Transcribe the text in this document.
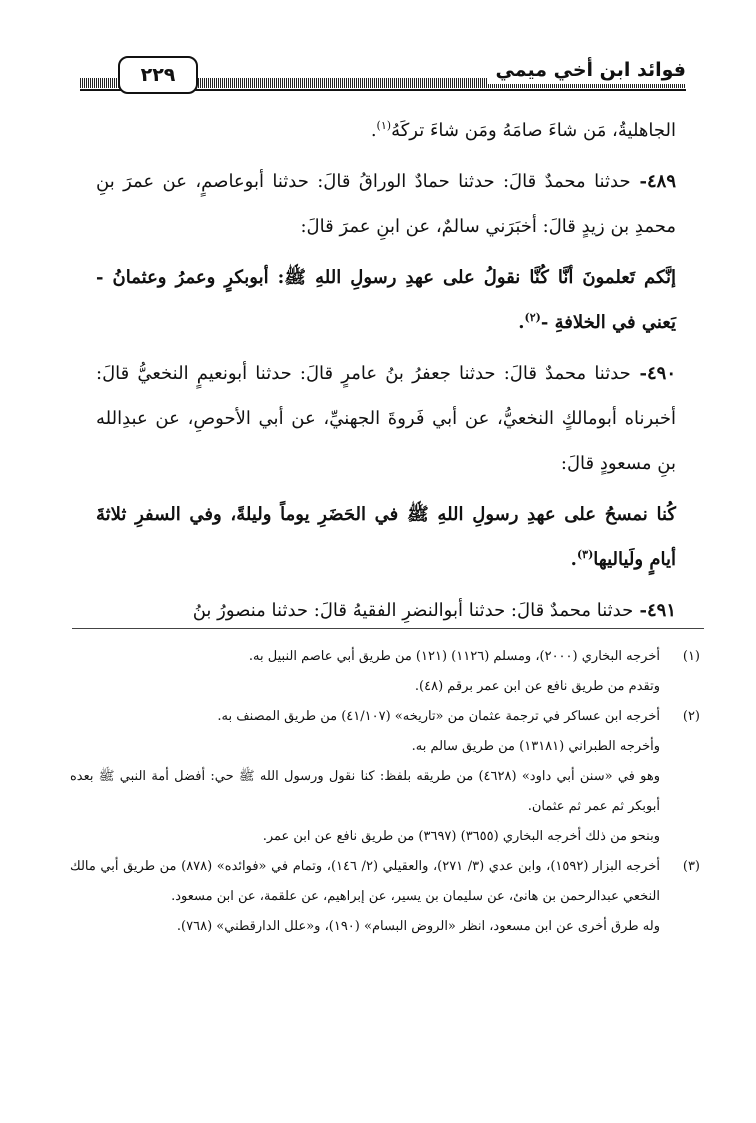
فوائد ابن أخي ميمي
٢٢٩

الجاهليةُ، مَن شاءَ صامَهُ ومَن شاءَ تركَهُ$^{(١)}$.

٤٨٩- حدثنا محمدٌ قالَ: حدثنا حمادٌ الوراقُ قالَ: حدثنا أبوعاصمٍ، عن عمرَ بنِ محمدِ بن زيدٍ قالَ: أخبَرَني سالمٌ، عن ابنِ عمرَ قالَ:

إنَّكم تَعلمونَ أنَّا كُنَّا نقولُ على عهدِ رسولِ اللهِ ﷺ: أبوبكرٍ وعمرُ وعثمانُ - يَعني في الخلافةِ -$^{(٢)}$.

٤٩٠- حدثنا محمدٌ قالَ: حدثنا جعفرُ بنُ عامرٍ قالَ: حدثنا أبونعيمٍ النخعيُّ قالَ: أخبرناه أبومالكٍ النخعيُّ، عن أبي فَروةَ الجهنيِّ، عن أبي الأحوصِ، عن عبدِالله بنِ مسعودٍ قالَ:

كُنا نمسحُ على عهدِ رسولِ اللهِ ﷺ في الحَضَرِ يوماً وليلةً، وفي السفرِ ثلاثةَ أيامٍ ولَياليها$^{(٣)}$.

٤٩١- حدثنا محمدٌ قالَ: حدثنا أبوالنضرِ الفقيهُ قالَ: حدثنا منصورُ بنُ

(١)
أخرجه البخاري (٢٠٠٠)، ومسلم (١١٢٦) (١٢١) من طريق أبي عاصم النبيل به.
وتقدم من طريق نافع عن ابن عمر برقم (٤٨).
(٢)
أخرجه ابن عساكر في ترجمة عثمان من «تاريخه» (٤١/١٠٧) من طريق المصنف به.
وأخرجه الطبراني (١٣١٨١) من طريق سالم به.
وهو في «سنن أبي داود» (٤٦٢٨) من طريقه بلفظ: كنا نقول ورسول الله ﷺ حي: أفضل أمة النبي ﷺ بعده أبوبكر ثم عمر ثم عثمان.
وبنحو من ذلك أخرجه البخاري (٣٦٥٥) (٣٦٩٧) من طريق نافع عن ابن عمر.
(٣)
أخرجه البزار (١٥٩٢)، وابن عدي (٣/ ٢٧١)، والعقيلي (٢/ ١٤٦)، وتمام في «فوائده» (٨٧٨) من طريق أبي مالك النخعي عبدالرحمن بن هانئ، عن سليمان بن يسير، عن إبراهيم، عن علقمة، عن ابن مسعود.
وله طرق أخرى عن ابن مسعود، انظر «الروض البسام» (١٩٠)، و«علل الدارقطني» (٧٦٨).
